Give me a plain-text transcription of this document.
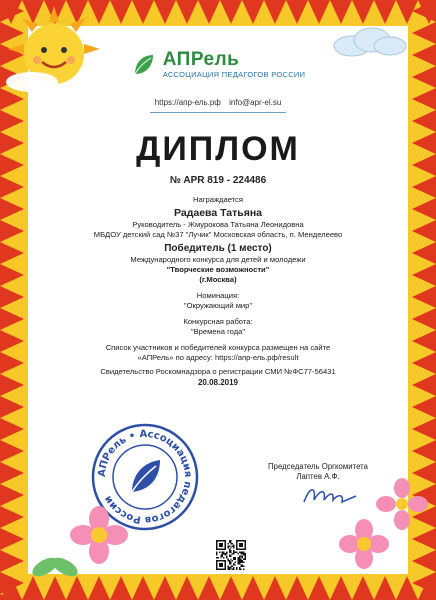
АПРель
АССОЦИАЦИЯ ПЕДАГОГОВ РОССИИ
https://апр-ель.рф info@apr-el.su
ДИПЛОМ
№ APR 819 - 224486
Награждается
Радаева Татьяна
Руководитель - Жмурокова Татьяна Леонидовна
МБДОУ детский сад №37 "Лучик" Московская область, п. Менделеево
Победитель (1 место)
Международного конкурса для детей и молодежи
"Творческие возможности"
(г.Москва)
Номинация:
"Окружающий мир"
Конкурсная работа:
"Времена года"
Список участников и победителей конкурса размещен на сайте
«АПРель» по адресу: https://апр-ель.рф/result
Свидетельство Роскомнадзора о регистрации СМИ №ФС77-56431
20.08.2019
АПРель • Ассоциация педагогов России
Председатель Оргкомитета
Лаптев А.Ф.
